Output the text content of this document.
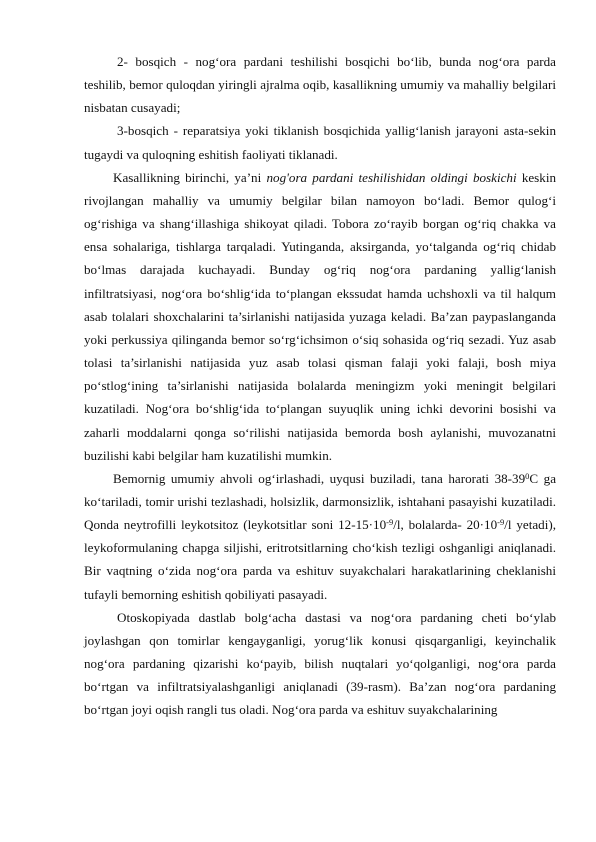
2- bosqich - nog‘ora pardani teshilishi bosqichi bo‘lib, bunda nog‘ora parda teshilib, bemor quloqdan yiringli ajralma oqib, kasallikning umumiy va mahalliy belgilari nisbatan cusayadi;

3-bosqich - reparatsiya yoki tiklanish bosqichida yallig‘lanish jarayoni asta-sekin tugaydi va quloqning eshitish faoliyati tiklanadi.

Kasallikning birinchi, ya’ni nog'ora pardani teshilishidan oldingi boskichi keskin rivojlangan mahalliy va umumiy belgilar bilan namoyon bo‘ladi. Bemor qulog‘i og‘rishiga va shang‘illashiga shikoyat qiladi. Tobora zo‘rayib borgan og‘riq chakka va ensa sohalariga, tishlarga tarqaladi. Yutinganda, aksirganda, yo‘talganda og‘riq chidab bo‘lmas darajada kuchayadi. Bunday og‘riq nog‘ora pardaning yallig‘lanish infiltratsiyasi, nog‘ora bo‘shlig‘ida to‘plangan ekssudat hamda uchshoxli va til halqum asab tolalari shoxchalarini ta’sirlanishi natijasida yuzaga keladi. Ba’zan paypaslanganda yoki perkussiya qilinganda bemor so‘rg‘ichsimon o‘siq sohasida og‘riq sezadi. Yuz asab tolasi ta’sirlanishi natijasida yuz asab tolasi qisman falaji yoki falaji, bosh miya po‘stlog‘ining ta’sirlanishi natijasida bolalarda meningizm yoki meningit belgilari kuzatiladi. Nog‘ora bo‘shlig‘ida to‘plangan suyuqlik uning ichki devorini bosishi va zaharli moddalarni qonga so‘rilishi natijasida bemorda bosh aylanishi, muvozanatni buzilishi kabi belgilar ham kuzatilishi mumkin.

Bemornig umumiy ahvoli og‘irlashadi, uyqusi buziladi, tana harorati $38-39^0C$ ga ko‘tariladi, tomir urishi tezlashadi, holsizlik, darmonsizlik, ishtahani pasayishi kuzatiladi. Qonda neytrofilli leykotsitoz (leykotsitlar soni $12-15\cdot 10^{-9}/l$, bolalarda- $20\cdot 10^{-9}/l$ yetadi), leykoformulaning chapga siljishi, eritrotsitlarning cho‘kish tezligi oshganligi aniqlanadi. Bir vaqtning o‘zida nog‘ora parda va eshituv suyakchalari harakatlarining cheklanishi tufayli bemorning eshitish qobiliyati pasayadi.

Otoskopiyada dastlab bolg‘acha dastasi va nog‘ora pardaning cheti bo‘ylab joylashgan qon tomirlar kengayganligi, yorug‘lik konusi qisqarganligi, keyinchalik nog‘ora pardaning qizarishi ko‘payib, bilish nuqtalari yo‘qolganligi, nog‘ora parda bo‘rtgan va infiltratsiyalashganligi aniqlanadi (39-rasm). Ba’zan nog‘ora pardaning bo‘rtgan joyi oqish rangli tus oladi. Nog‘ora parda va eshituv suyakchalarining
